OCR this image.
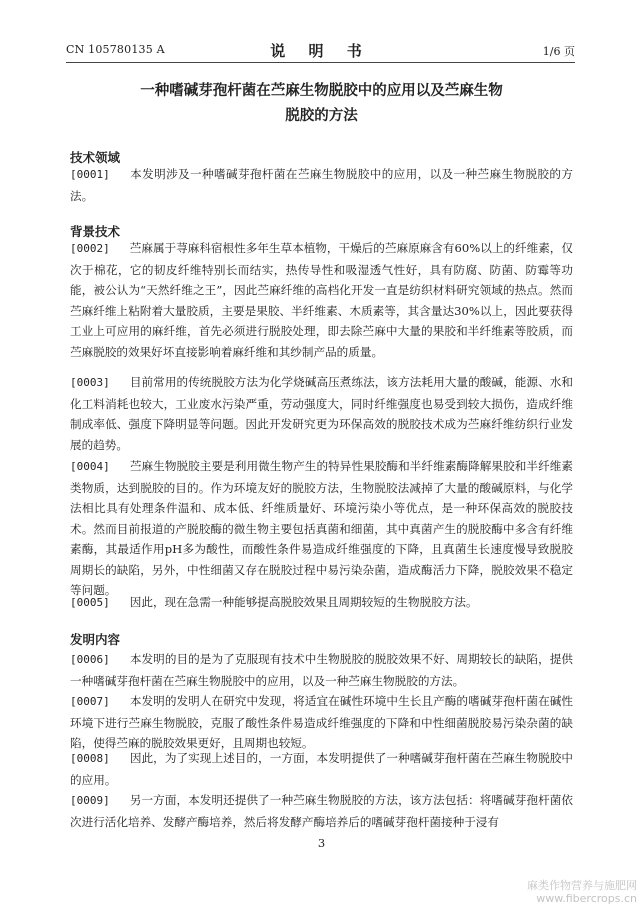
CN 105780135 A	说 明 书	1/6 页
一种嗜碱芽孢杆菌在苎麻生物脱胶中的应用以及苎麻生物
脱胶的方法
技术领域

[0001] 本发明涉及一种嗜碱芽孢杆菌在苎麻生物脱胶中的应用，以及一种苎麻生物脱胶的方法。

背景技术

[0002] 苎麻属于荨麻科宿根性多年生草本植物，干燥后的苎麻原麻含有60%以上的纤维素，仅次于棉花，它的韧皮纤维特别长而结实，热传导性和吸湿透气性好，具有防腐、防菌、防霉等功能，被公认为“天然纤维之王”，因此苎麻纤维的高档化开发一直是纺织材料研究领域的热点。然而苎麻纤维上粘附着大量胶质，主要是果胶、半纤维素、木质素等，其含量达30%以上，因此要获得工业上可应用的麻纤维，首先必须进行脱胶处理，即去除苎麻中大量的果胶和半纤维素等胶质，而苎麻脱胶的效果好坏直接影响着麻纤维和其纱制产品的质量。

[0003] 目前常用的传统脱胶方法为化学烧碱高压煮练法，该方法耗用大量的酸碱，能源、水和化工料消耗也较大，工业废水污染严重，劳动强度大，同时纤维强度也易受到较大损伤，造成纤维制成率低、强度下降明显等问题。因此开发研究更为环保高效的脱胶技术成为苎麻纤维纺织行业发展的趋势。

[0004] 苎麻生物脱胶主要是利用微生物产生的特异性果胶酶和半纤维素酶降解果胶和半纤维素类物质，达到脱胶的目的。作为环境友好的脱胶方法，生物脱胶法减掉了大量的酸碱原料，与化学法相比具有处理条件温和、成本低、纤维质量好、环境污染小等优点，是一种环保高效的脱胶技术。然而目前报道的产脱胶酶的微生物主要包括真菌和细菌，其中真菌产生的脱胶酶中多含有纤维素酶，其最适作用pH多为酸性，而酸性条件易造成纤维强度的下降，且真菌生长速度慢导致脱胶周期长的缺陷，另外，中性细菌又存在脱胶过程中易污染杂菌，造成酶活力下降，脱胶效果不稳定等问题。

[0005] 因此，现在急需一种能够提高脱胶效果且周期较短的生物脱胶方法。

发明内容

[0006] 本发明的目的是为了克服现有技术中生物脱胶的脱胶效果不好、周期较长的缺陷，提供一种嗜碱芽孢杆菌在苎麻生物脱胶中的应用，以及一种苎麻生物脱胶的方法。

[0007] 本发明的发明人在研究中发现，将适宜在碱性环境中生长且产酶的嗜碱芽孢杆菌在碱性环境下进行苎麻生物脱胶，克服了酸性条件易造成纤维强度的下降和中性细菌脱胶易污染杂菌的缺陷，使得苎麻的脱胶效果更好，且周期也较短。

[0008] 因此，为了实现上述目的，一方面，本发明提供了一种嗜碱芽孢杆菌在苎麻生物脱胶中的应用。

[0009] 另一方面，本发明还提供了一种苎麻生物脱胶的方法，该方法包括：将嗜碱芽孢杆菌依次进行活化培养、发酵产酶培养，然后将发酵产酶培养后的嗜碱芽孢杆菌接种于浸有

3
麻类作物营养与施肥网
www.fibercrops.cn
